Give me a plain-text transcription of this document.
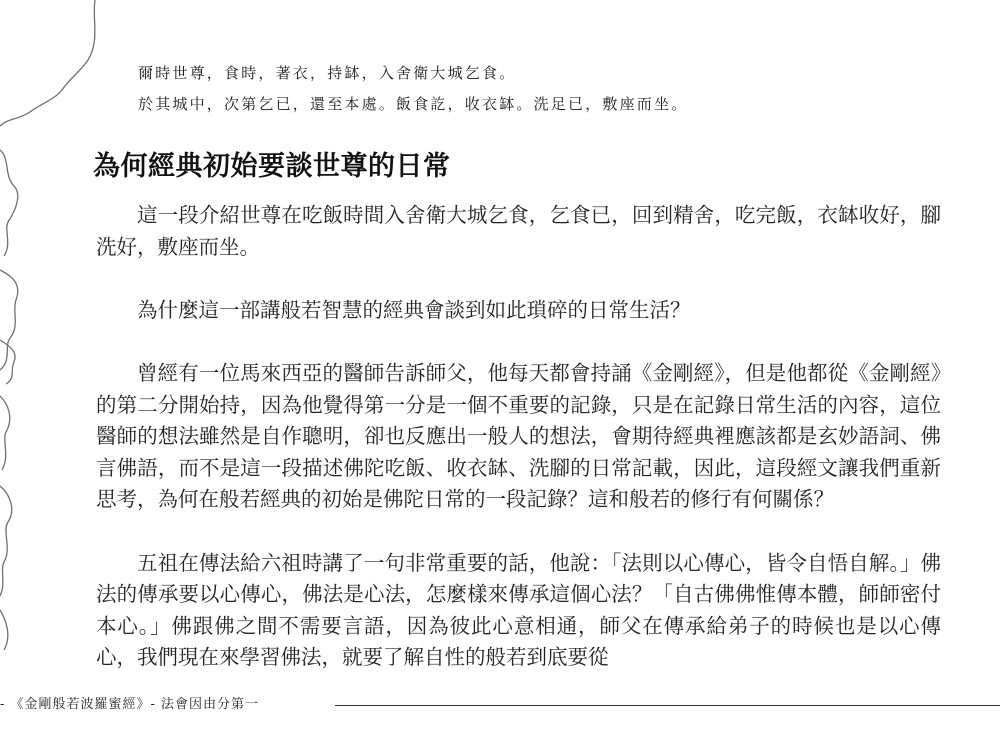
爾時世尊，食時，著衣，持缽，入舍衛大城乞食。
於其城中，次第乞已，還至本處。飯食訖，收衣缽。洗足已，敷座而坐。
為何經典初始要談世尊的日常

這一段介紹世尊在吃飯時間入舍衛大城乞食，乞食已，回到精舍，吃完飯，衣缽收好，腳洗好，敷座而坐。

為什麼這一部講般若智慧的經典會談到如此瑣碎的日常生活？

曾經有一位馬來西亞的醫師告訴師父，他每天都會持誦《金剛經》，但是他都從《金剛經》的第二分開始持，因為他覺得第一分是一個不重要的記錄，只是在記錄日常生活的內容，這位醫師的想法雖然是自作聰明，卻也反應出一般人的想法，會期待經典裡應該都是玄妙語詞、佛言佛語，而不是這一段描述佛陀吃飯、收衣缽、洗腳的日常記載，因此，這段經文讓我們重新思考，為何在般若經典的初始是佛陀日常的一段記錄？這和般若的修行有何關係？

五祖在傳法給六祖時講了一句非常重要的話，他說：「法則以心傳心，皆令自悟自解。」佛法的傳承要以心傳心，佛法是心法，怎麼樣來傳承這個心法？「自古佛佛惟傳本體，師師密付本心。」佛跟佛之間不需要言語，因為彼此心意相通，師父在傳承給弟子的時候也是以心傳心，我們現在來學習佛法，就要了解自性的般若到底要從

- 《金剛般若波羅蜜經》- 法會因由分第一
